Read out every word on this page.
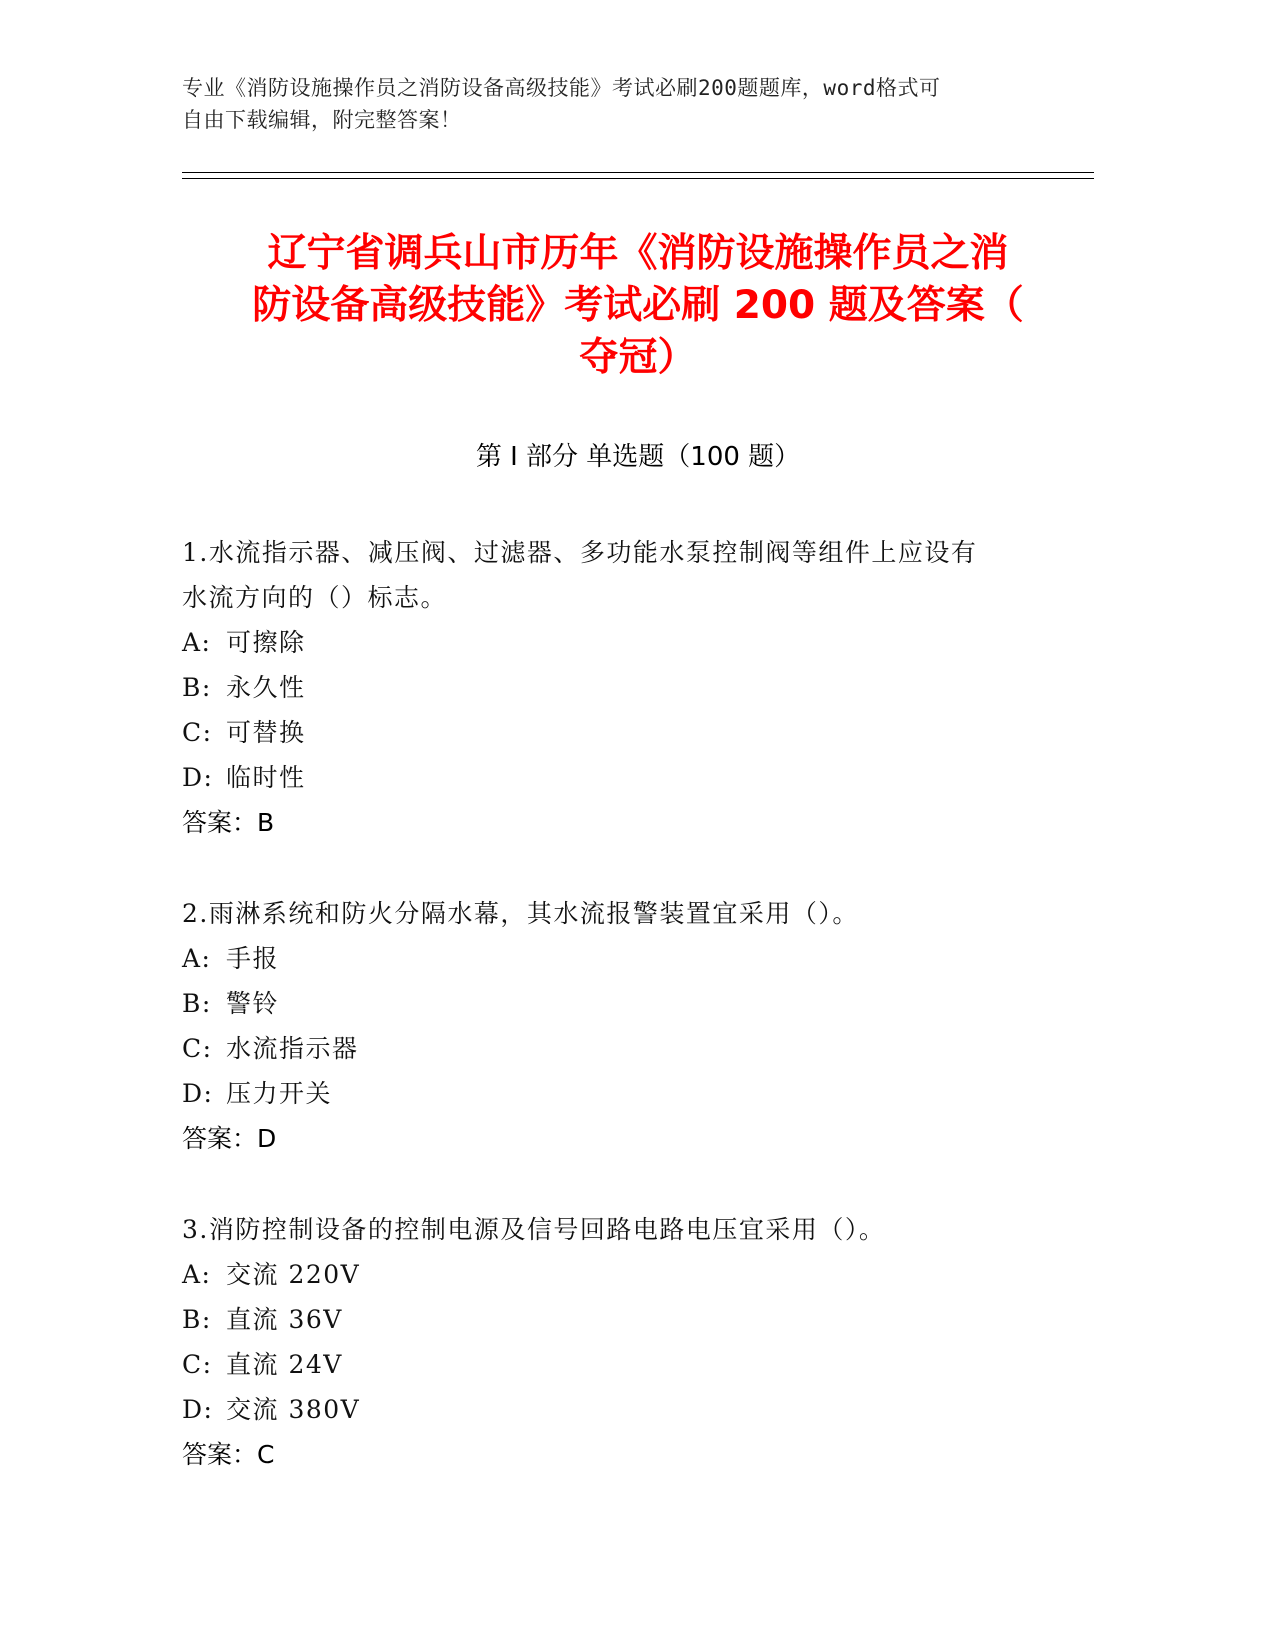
专业《消防设施操作员之消防设备高级技能》考试必刷200题题库，word格式可
自由下载编辑，附完整答案！
辽宁省调兵山市历年《消防设施操作员之消
防设备高级技能》考试必刷 200 题及答案（
夺冠）
第 I 部分 单选题（100 题）
1.水流指示器、减压阀、过滤器、多功能水泵控制阀等组件上应设有
水流方向的（）标志。
A: 可擦除
B: 永久性
C: 可替换
D: 临时性
答案：B
2.雨淋系统和防火分隔水幕，其水流报警装置宜采用（）。
A: 手报
B: 警铃
C: 水流指示器
D: 压力开关
答案：D
3.消防控制设备的控制电源及信号回路电路电压宜采用（）。
A: 交流 220V
B: 直流 36V
C: 直流 24V
D: 交流 380V
答案：C
